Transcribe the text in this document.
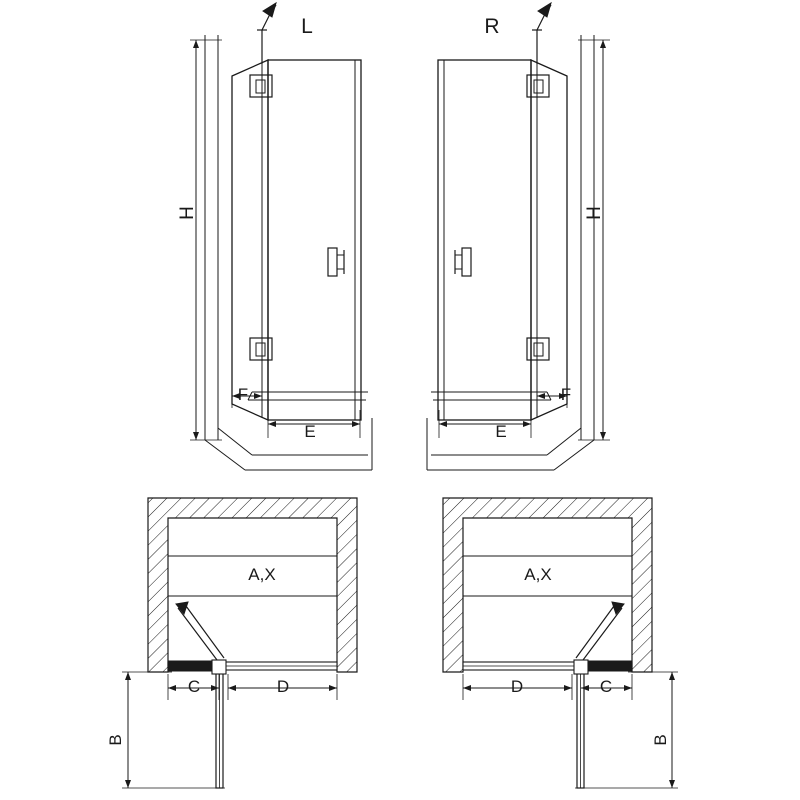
L	R
H	H
F
E	E
F
A,X	A,X
C	D
B
D	C
B
